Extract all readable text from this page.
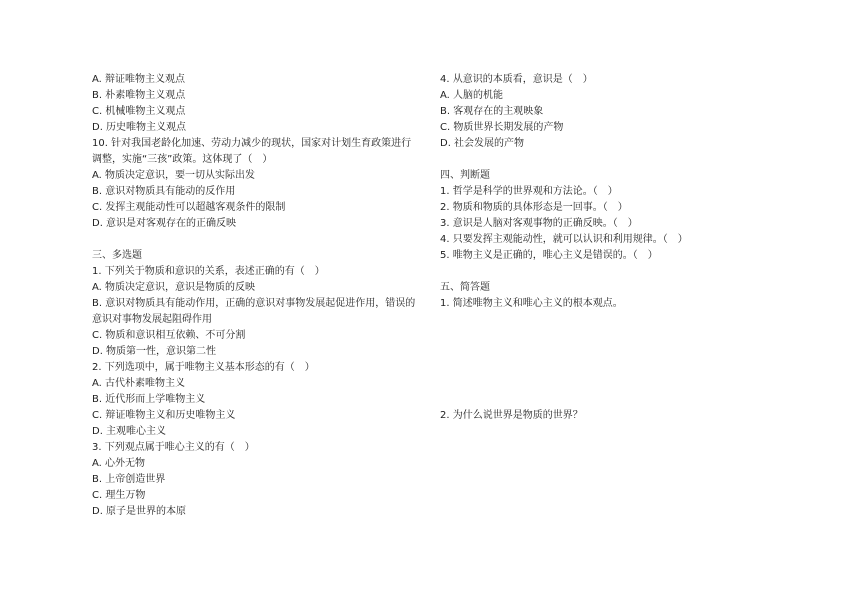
A. 辩证唯物主义观点
B. 朴素唯物主义观点
C. 机械唯物主义观点
D. 历史唯物主义观点
10. 针对我国老龄化加速、劳动力减少的现状，国家对计划生育政策进行调整，实施“三孩”政策。这体现了（　）
A. 物质决定意识，要一切从实际出发
B. 意识对物质具有能动的反作用
C. 发挥主观能动性可以超越客观条件的限制
D. 意识是对客观存在的正确反映
三、多选题
1. 下列关于物质和意识的关系，表述正确的有（　）
A. 物质决定意识，意识是物质的反映
B. 意识对物质具有能动作用，正确的意识对事物发展起促进作用，错误的意识对事物发展起阻碍作用
C. 物质和意识相互依赖、不可分割
D. 物质第一性，意识第二性
2. 下列选项中，属于唯物主义基本形态的有（　）
A. 古代朴素唯物主义
B. 近代形而上学唯物主义
C. 辩证唯物主义和历史唯物主义
D. 主观唯心主义
3. 下列观点属于唯心主义的有（　）
A. 心外无物
B. 上帝创造世界
C. 理生万物
D. 原子是世界的本原
4. 从意识的本质看，意识是（　）
A. 人脑的机能
B. 客观存在的主观映象
C. 物质世界长期发展的产物
D. 社会发展的产物
四、判断题
1. 哲学是科学的世界观和方法论。（　）
2. 物质和物质的具体形态是一回事。（　）
3. 意识是人脑对客观事物的正确反映。（　）
4. 只要发挥主观能动性，就可以认识和利用规律。（　）
5. 唯物主义是正确的，唯心主义是错误的。（　）
五、简答题
1. 简述唯物主义和唯心主义的根本观点。
2. 为什么说世界是物质的世界？
